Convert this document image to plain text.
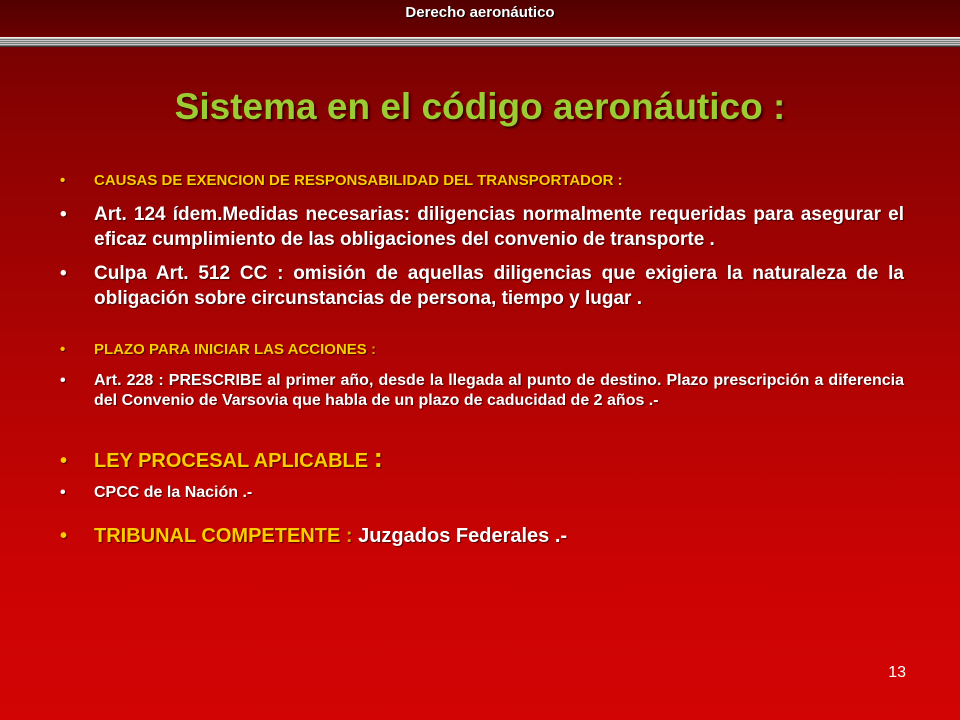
Derecho aeronáutico
Sistema en el código aeronáutico :
• CAUSAS DE EXENCION DE RESPONSABILIDAD DEL TRANSPORTADOR :
• Art. 124 ídem.Medidas necesarias: diligencias normalmente requeridas para asegurar el eficaz cumplimiento de las obligaciones del convenio de transporte .
• Culpa Art. 512 CC : omisión de aquellas diligencias que exigiera la naturaleza de la obligación sobre circunstancias de persona, tiempo y lugar .
• PLAZO PARA INICIAR LAS ACCIONES :
• Art. 228 : PRESCRIBE al primer año, desde la llegada al punto de destino. Plazo prescripción a diferencia del Convenio de Varsovia que habla de un plazo de caducidad de 2 años .-
• LEY PROCESAL APLICABLE :
• CPCC de la Nación .-
• TRIBUNAL COMPETENTE : Juzgados Federales .-
13
